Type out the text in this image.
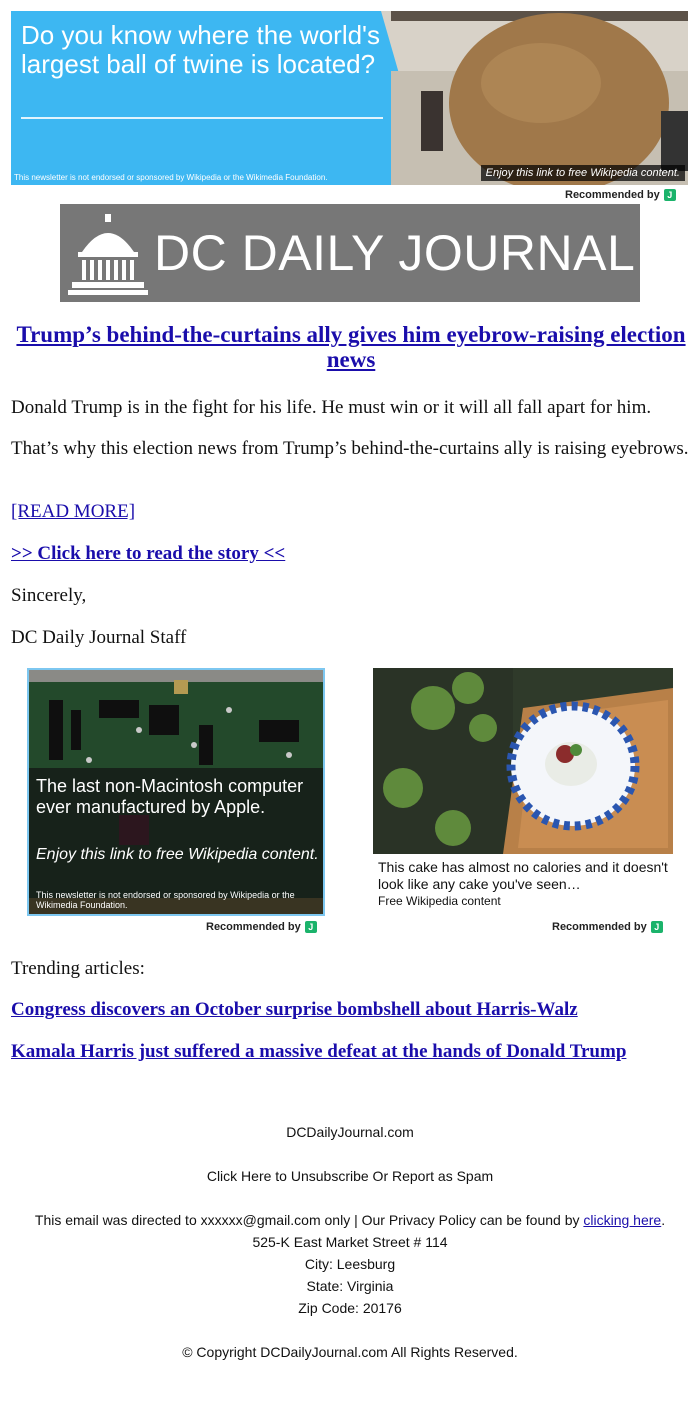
Do you know where the world's largest ball of twine is located?
This newsletter is not endorsed or sponsored by Wikipedia or the Wikimedia Foundation.	Enjoy this link to free Wikipedia content.
Recommended by J
DC DAILY JOURNAL
Trump’s behind-the-curtains ally gives him eyebrow-raising election news
Donald Trump is in the fight for his life. He must win or it will all fall apart for him.
That’s why this election news from Trump’s behind-the-curtains ally is raising eyebrows.
[READ MORE]
>> Click here to read the story <<
Sincerely,
DC Daily Journal Staff
The last non-Macintosh computer ever manufactured by Apple.
Enjoy this link to free Wikipedia content.
This newsletter is not endorsed or sponsored by Wikipedia or the Wikimedia Foundation.
Recommended by J
This cake has almost no calories and it doesn't look like any cake you've seen…
Free Wikipedia content
Recommended by J
Trending articles:
Congress discovers an October surprise bombshell about Harris-Walz
Kamala Harris just suffered a massive defeat at the hands of Donald Trump
DCDailyJournal.com
Click Here to Unsubscribe Or Report as Spam
This email was directed to xxxxxx@gmail.com only | Our Privacy Policy can be found by clicking here.
525-K East Market Street # 114
City: Leesburg
State: Virginia
Zip Code: 20176
© Copyright DCDailyJournal.com All Rights Reserved.
